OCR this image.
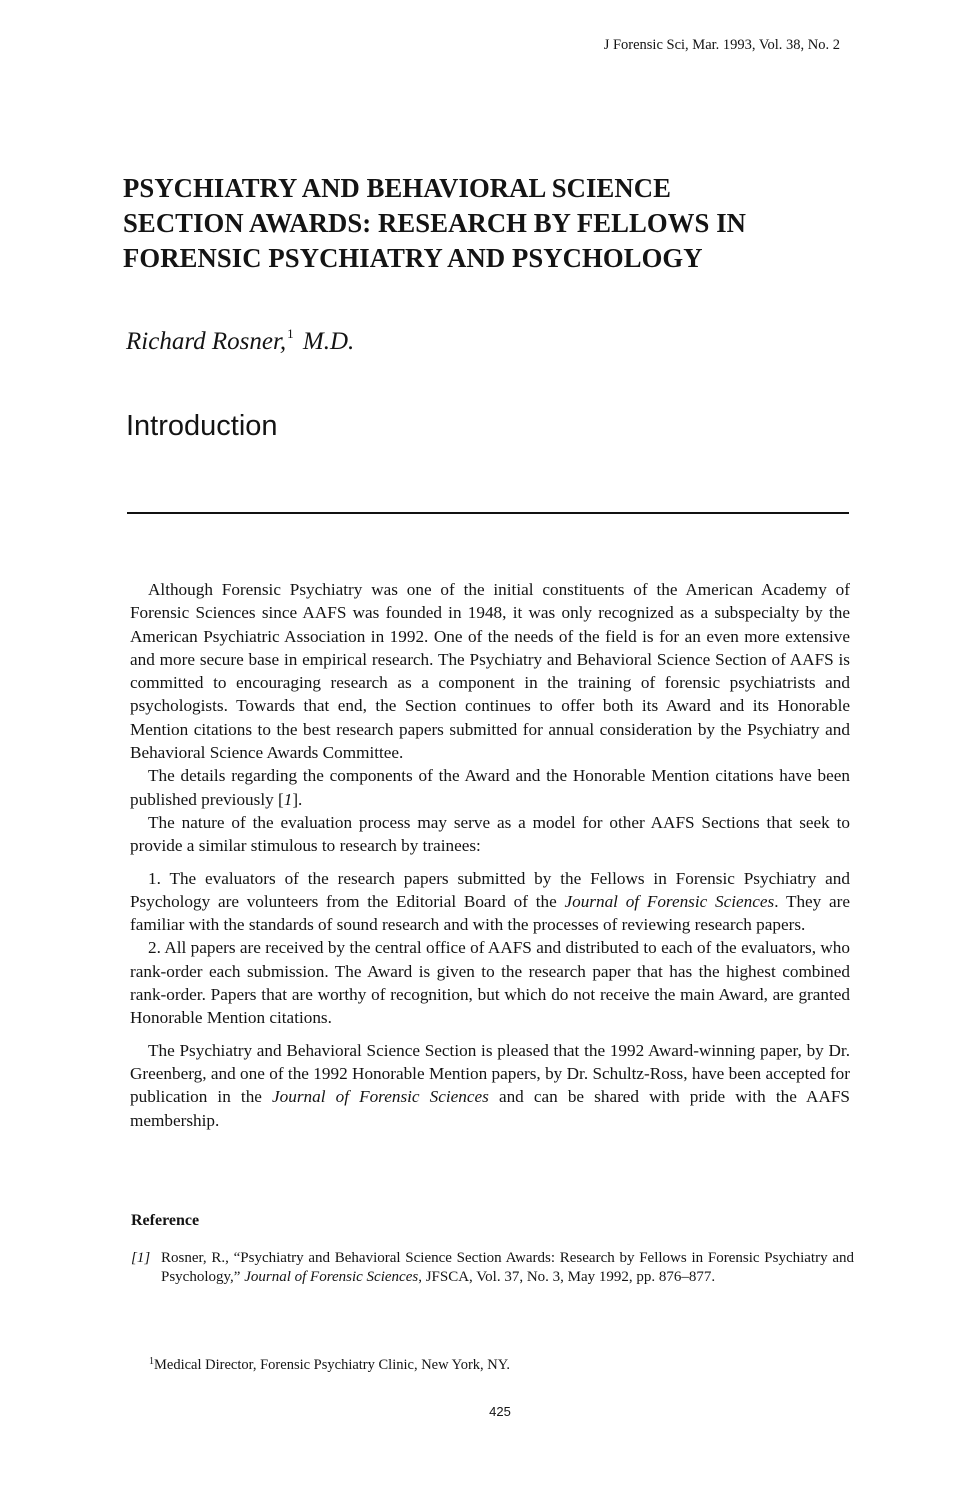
J Forensic Sci, Mar. 1993, Vol. 38, No. 2
PSYCHIATRY AND BEHAVIORAL SCIENCE
SECTION AWARDS: RESEARCH BY FELLOWS IN
FORENSIC PSYCHIATRY AND PSYCHOLOGY
Richard Rosner,$^1$ M.D.
Introduction

Although Forensic Psychiatry was one of the initial constituents of the American Academy of Forensic Sciences since AAFS was founded in 1948, it was only recognized as a subspecialty by the American Psychiatric Association in 1992. One of the needs of the field is for an even more extensive and more secure base in empirical research. The Psychiatry and Behavioral Science Section of AAFS is committed to encouraging research as a component in the training of forensic psychiatrists and psychologists. Towards that end, the Section continues to offer both its Award and its Honorable Mention citations to the best research papers submitted for annual consideration by the Psychiatry and Behavioral Science Awards Committee.

The details regarding the components of the Award and the Honorable Mention citations have been published previously [1].

The nature of the evaluation process may serve as a model for other AAFS Sections that seek to provide a similar stimulous to research by trainees:

1. The evaluators of the research papers submitted by the Fellows in Forensic Psychiatry and Psychology are volunteers from the Editorial Board of the Journal of Forensic Sciences. They are familiar with the standards of sound research and with the processes of reviewing research papers.

2. All papers are received by the central office of AAFS and distributed to each of the evaluators, who rank-order each submission. The Award is given to the research paper that has the highest combined rank-order. Papers that are worthy of recognition, but which do not receive the main Award, are granted Honorable Mention citations.

The Psychiatry and Behavioral Science Section is pleased that the 1992 Award-winning paper, by Dr. Greenberg, and one of the 1992 Honorable Mention papers, by Dr. Schultz-Ross, have been accepted for publication in the Journal of Forensic Sciences and can be shared with pride with the AAFS membership.

Reference
[1] Rosner, R., “Psychiatry and Behavioral Science Section Awards: Research by Fellows in Forensic Psychiatry and Psychology,” Journal of Forensic Sciences, JFSCA, Vol. 37, No. 3, May 1992, pp. 876–877.
$^1$Medical Director, Forensic Psychiatry Clinic, New York, NY.
425
